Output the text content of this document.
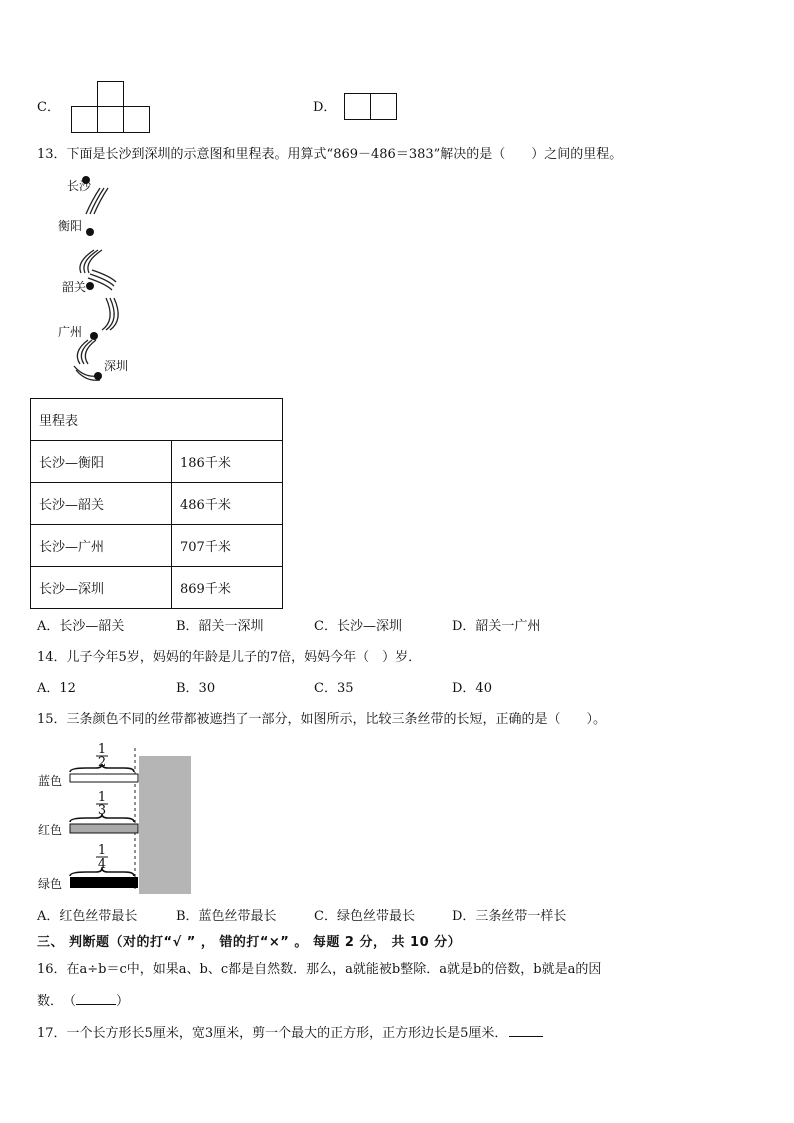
C．	D．
13．下面是长沙到深圳的示意图和里程表。用算式“869－486＝383”解决的是（　　）之间的里程。
长沙
衡阳
韶关
广州
深圳
里程表	
长沙—衡阳	186千米
长沙—韶关	486千米
长沙—广州	707千米
长沙—深圳	869千米
A．长沙—韶关	B．韶关一深圳	C．长沙—深圳	D．韶关一广州
14．儿子今年5岁，妈妈的年龄是儿子的7倍，妈妈今年（　）岁．
A．12	B．30	C．35	D．40
15．三条颜色不同的丝带都被遮挡了一部分，如图所示，比较三条丝带的长短，正确的是（　　）。
1
2
蓝色
1
3
红色
1
4
绿色
A．红色丝带最长	B．蓝色丝带最长	C．绿色丝带最长	D．三条丝带一样长
三、 判断题（对的打“√ ” ， 错的打“×” 。 每题 2 分， 共 10 分）
16．在a÷b＝c中，如果a、b、c都是自然数．那么，a就能被b整除．a就是b的倍数，b就是a的因
数．　（	）
17．一个长方形长5厘米，宽3厘米，剪一个最大的正方形，正方形边长是5厘米．
